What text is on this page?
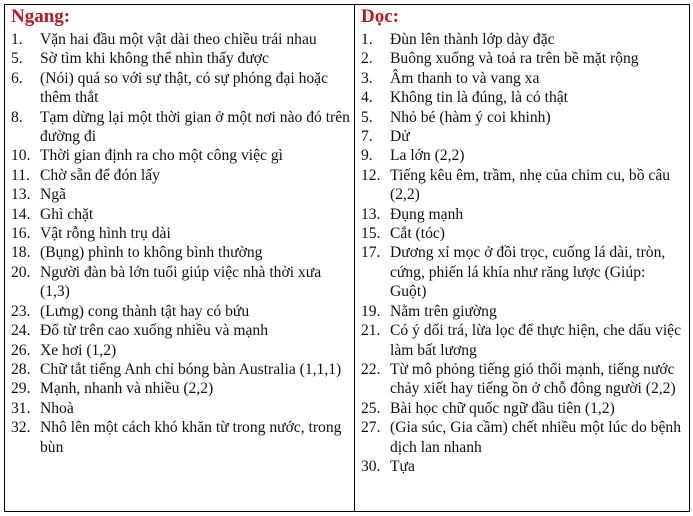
Ngang:
1.	Vặn hai đầu một vật dài theo chiều trái nhau
5.	Sờ tìm khi không thể nhìn thấy được
6.	(Nói) quá so với sự thật, có sự phóng đại hoặc thêm thắt
8.	Tạm dừng lại một thời gian ở một nơi nào đó trên đường đi
10. Thời gian định ra cho một công việc gì
11. Chờ sẵn để đón lấy
13. Ngã
14. Ghì chặt
16. Vật rỗng hình trụ dài
18. (Bụng) phình to không bình thường
20. Người đàn bà lớn tuổi giúp việc nhà thời xưa (1,3)
23. (Lưng) cong thành tật hay có bứu
24. Đổ từ trên cao xuống nhiều và mạnh
26. Xe hơi (1,2)
28. Chữ tắt tiếng Anh chỉ bóng bàn Australia (1,1,1)
29. Mạnh, nhanh và nhiều (2,2)
31. Nhoà
32. Nhô lên một cách khó khăn từ trong nước, trong bùn
Dọc:
1.	Đùn lên thành lớp dày đặc
2.	Buông xuống và toả ra trên bề mặt rộng
3.	Âm thanh to và vang xa
4.	Không tin là đúng, là có thật
5.	Nhỏ bé (hàm ý coi khinh)
7.	Dử
9.	La lớn (2,2)
12. Tiếng kêu êm, trầm, nhẹ của chim cu, bồ câu (2,2)
13. Đụng mạnh
15. Cắt (tóc)
17. Dương xỉ mọc ở đồi trọc, cuống lá dài, tròn, cứng, phiến lá khía như răng lược (Giúp: Guột)
19. Nằm trên giường
21. Có ý dối trá, lừa lọc để thực hiện, che dấu việc làm bất lương
22. Từ mô phỏng tiếng gió thổi mạnh, tiếng nước chảy xiết hay tiếng ồn ở chỗ đông người (2,2)
25. Bài học chữ quốc ngữ đầu tiên (1,2)
27. (Gia súc, Gia cầm) chết nhiều một lúc do bệnh dịch lan nhanh
30. Tựa
